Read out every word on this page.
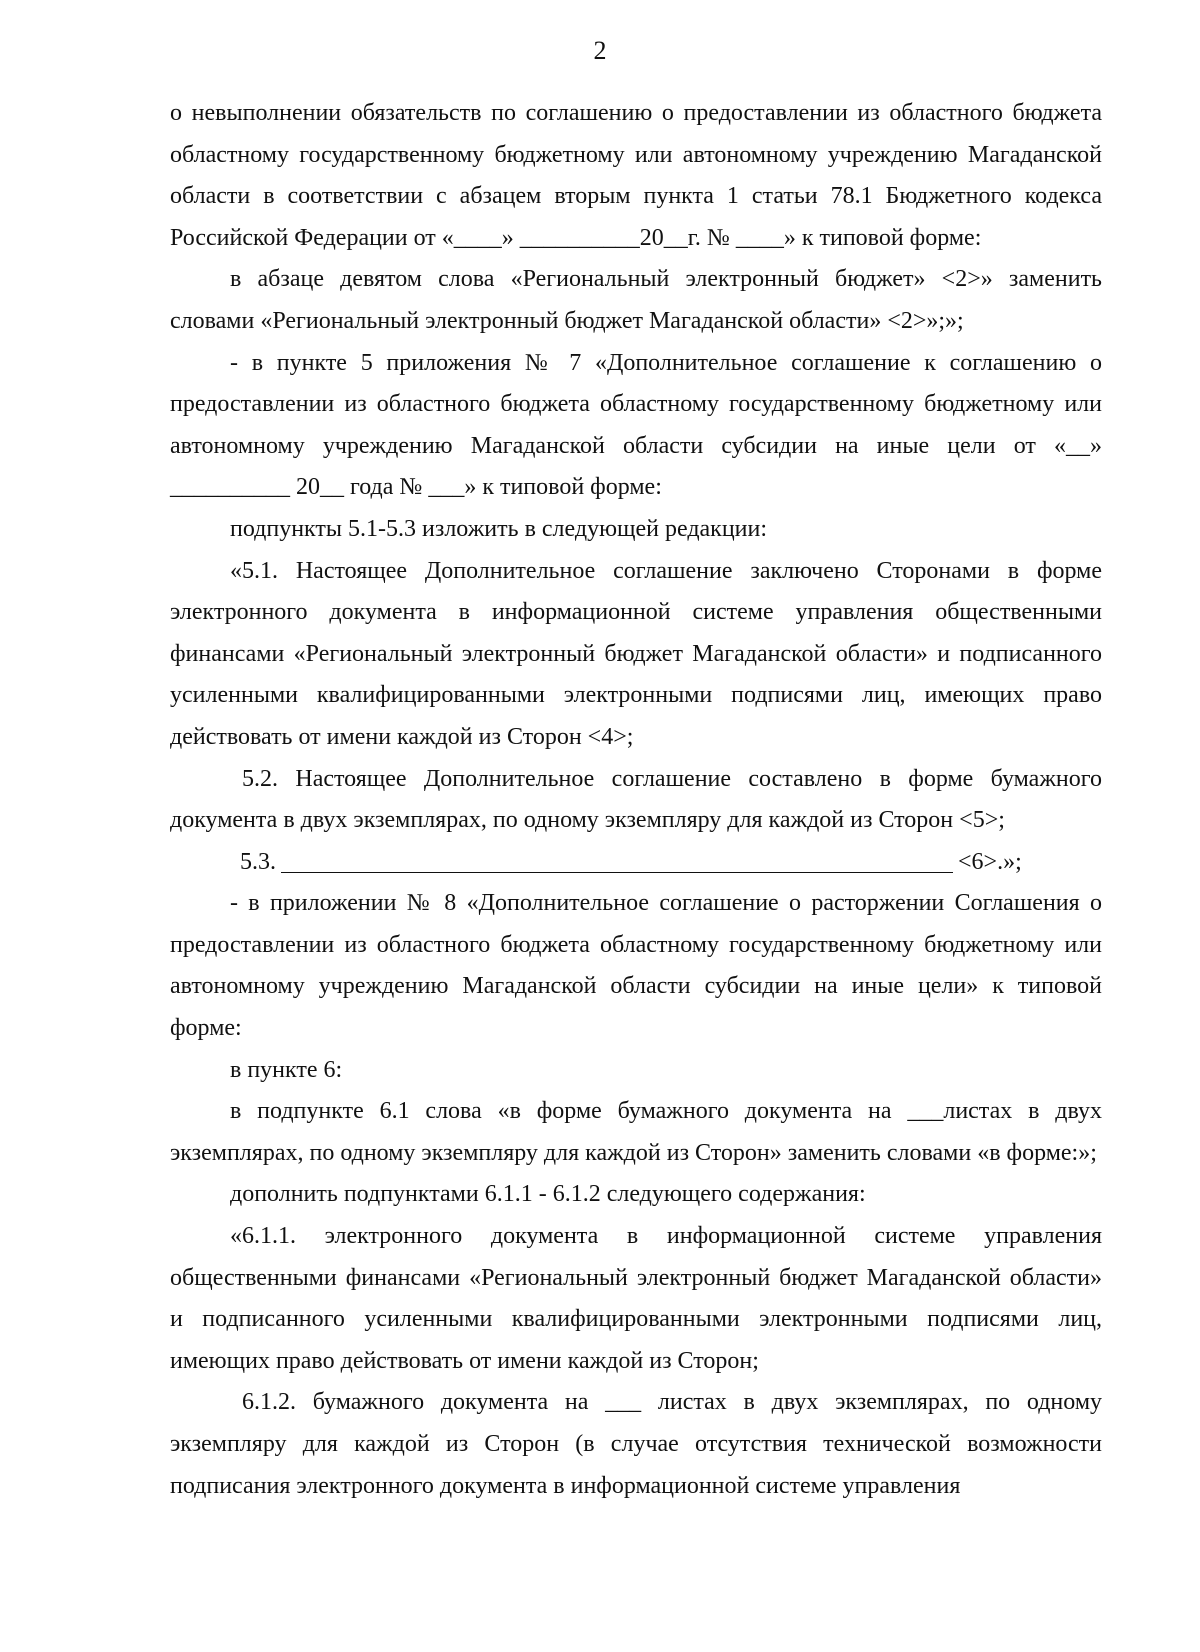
2

о невыполнении обязательств по соглашению о предоставлении из областного бюджета областному государственному бюджетному или автономному учреждению Магаданской области в соответствии с абзацем вторым пункта 1 статьи 78.1 Бюджетного кодекса Российской Федерации от «____» __________20__г. № ____» к типовой форме:

в абзаце девятом слова «Региональный электронный бюджет» <2>» заменить словами «Региональный электронный бюджет Магаданской области» <2>»;»;

- в пункте 5 приложения № 7 «Дополнительное соглашение к соглашению о предоставлении из областного бюджета областному государственному бюджетному или автономному учреждению Магаданской области субсидии на иные цели от «__» __________ 20__ года № ___» к типовой форме:

подпункты 5.1-5.3 изложить в следующей редакции:

«5.1. Настоящее Дополнительное соглашение заключено Сторонами в форме электронного документа в информационной системе управления общественными финансами «Региональный электронный бюджет Магаданской области» и подписанного усиленными квалифицированными электронными подписями лиц, имеющих право действовать от имени каждой из Сторон <4>;

5.2. Настоящее Дополнительное соглашение составлено в форме бумажного документа в двух экземплярах, по одному экземпляру для каждой из Сторон <5>;

5.3.	<6>.»;

- в приложении № 8 «Дополнительное соглашение о расторжении Соглашения о предоставлении из областного бюджета областному государственному бюджетному или автономному учреждению Магаданской области субсидии на иные цели» к типовой форме:

в пункте 6:

в подпункте 6.1 слова «в форме бумажного документа на ___листах в двух экземплярах, по одному экземпляру для каждой из Сторон» заменить словами «в форме:»;

дополнить подпунктами 6.1.1 - 6.1.2 следующего содержания:

«6.1.1. электронного документа в информационной системе управления общественными финансами «Региональный электронный бюджет Магаданской области» и подписанного усиленными квалифицированными электронными подписями лиц, имеющих право действовать от имени каждой из Сторон;

6.1.2. бумажного документа на ___ листах в двух экземплярах, по одному экземпляру для каждой из Сторон (в случае отсутствия технической возможности подписания электронного документа в информационной системе управления
